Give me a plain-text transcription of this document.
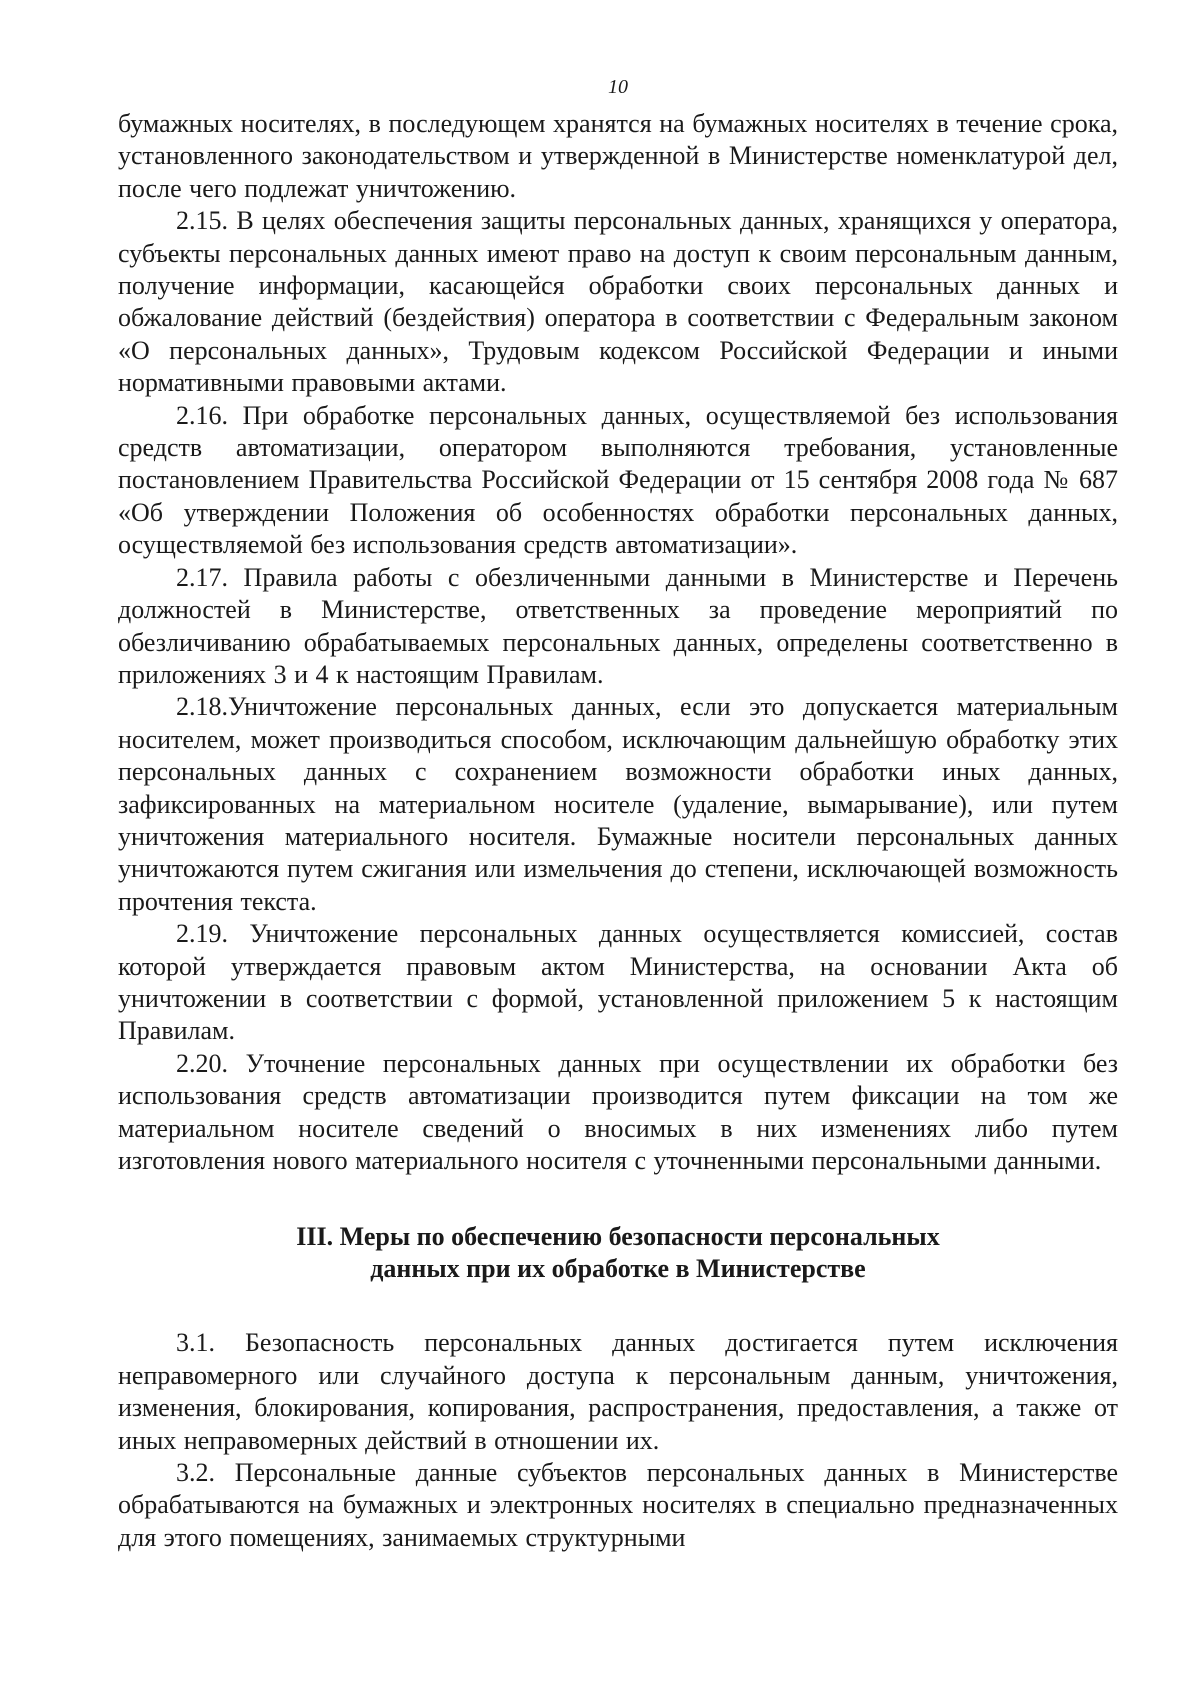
10

бумажных носителях, в последующем хранятся на бумажных носителях в течение срока, установленного законодательством и утвержденной в Министерстве номенклатурой дел, после чего подлежат уничтожению.

2.15. В целях обеспечения защиты персональных данных, хранящихся у оператора, субъекты персональных данных имеют право на доступ к своим персональным данным, получение информации, касающейся обработки своих персональных данных и обжалование действий (бездействия) оператора в соответствии с Федеральным законом «О персональных данных», Трудовым кодексом Российской Федерации и иными нормативными правовыми актами.

2.16. При обработке персональных данных, осуществляемой без использования средств автоматизации, оператором выполняются требования, установленные постановлением Правительства Российской Федерации от 15 сентября 2008 года № 687 «Об утверждении Положения об особенностях обработки персональных данных, осуществляемой без использования средств автоматизации».

2.17. Правила работы с обезличенными данными в Министерстве и Перечень должностей в Министерстве, ответственных за проведение мероприятий по обезличиванию обрабатываемых персональных данных, определены соответственно в приложениях 3 и 4 к настоящим Правилам.

2.18.Уничтожение персональных данных, если это допускается материальным носителем, может производиться способом, исключающим дальнейшую обработку этих персональных данных с сохранением возможности обработки иных данных, зафиксированных на материальном носителе (удаление, вымарывание), или путем уничтожения материального носителя. Бумажные носители персональных данных уничтожаются путем сжигания или измельчения до степени, исключающей возможность прочтения текста.

2.19. Уничтожение персональных данных осуществляется комиссией, состав которой утверждается правовым актом Министерства, на основании Акта об уничтожении в соответствии с формой, установленной приложением 5 к настоящим Правилам.

2.20. Уточнение персональных данных при осуществлении их обработки без использования средств автоматизации производится путем фиксации на том же материальном носителе сведений о вносимых в них изменениях либо путем изготовления нового материального носителя с уточненными персональными данными.

III. Меры по обеспечению безопасности персональных
данных при их обработке в Министерстве

3.1. Безопасность персональных данных достигается путем исключения неправомерного или случайного доступа к персональным данным, уничтожения, изменения, блокирования, копирования, распространения, предоставления, а также от иных неправомерных действий в отношении их.

3.2. Персональные данные субъектов персональных данных в Министерстве обрабатываются на бумажных и электронных носителях в специально предназначенных для этого помещениях, занимаемых структурными
